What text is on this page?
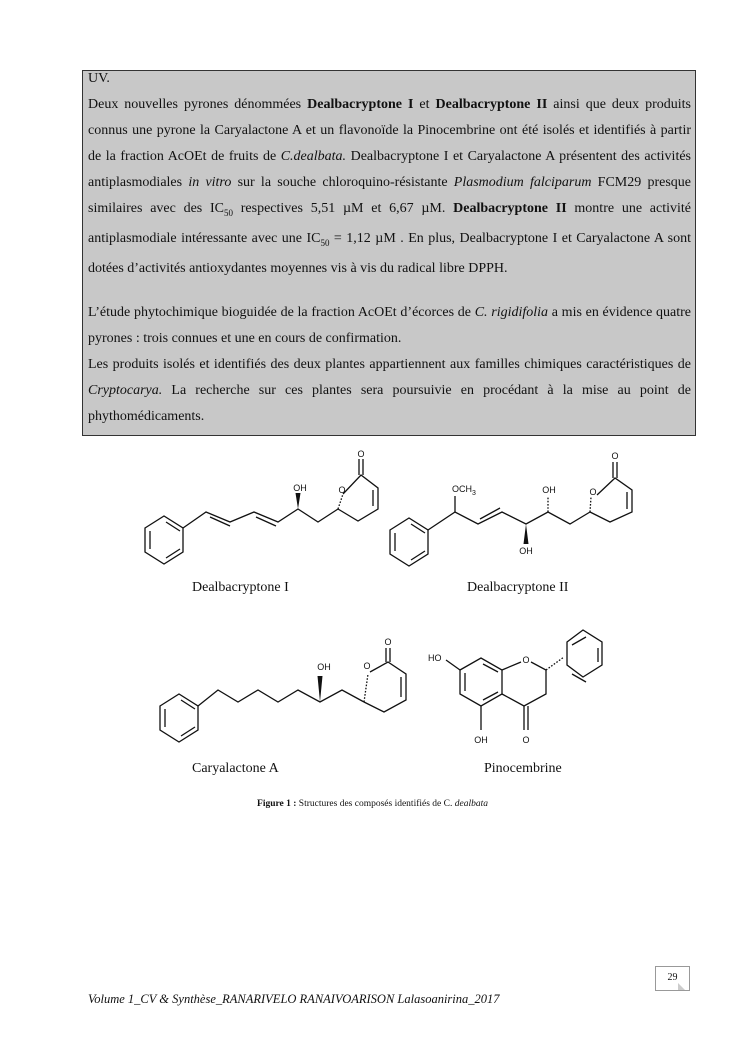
UV.
Deux nouvelles pyrones dénommées Dealbacryptone I et Dealbacryptone II ainsi que deux produits connus une pyrone la Caryalactone A et un flavonoïde la Pinocembrine ont été isolés et identifiés à partir de la fraction AcOEt de fruits de C.dealbata. Dealbacryptone I et Caryalactone A présentent des activités antiplasmodiales in vitro sur la souche chloroquino-résistante Plasmodium falciparum FCM29 presque similaires avec des $IC_{50}$ respectives 5,51 µM et 6,67 µM. Dealbacryptone II montre une activité antiplasmodiale intéressante avec une $IC_{50} = 1,12$ µM . En plus, Dealbacryptone I et Caryalactone A sont dotées d’activités antioxydantes moyennes vis à vis du radical libre DPPH.
L’étude phytochimique bioguidée de la fraction AcOEt d’écorces de C. rigidifolia a mis en évidence quatre pyrones : trois connues et une en cours de confirmation.
Les produits isolés et identifiés des deux plantes appartiennent aux familles chimiques caractéristiques de Cryptocarya. La recherche sur ces plantes sera poursuivie en procédant à la mise au point de phythomédicaments.
OH	O
O
$OCH_3$	OH
OH
O
O
OH	O
O
O
HO
OH	O
Dealbacryptone I	Dealbacryptone II
Caryalactone A	Pinocembrine
Figure 1 : Structures des composés identifiés de C. dealbata
29
Volume 1_CV & Synthèse_RANARIVELO RANAIVOARISON Lalasoanirina_2017
